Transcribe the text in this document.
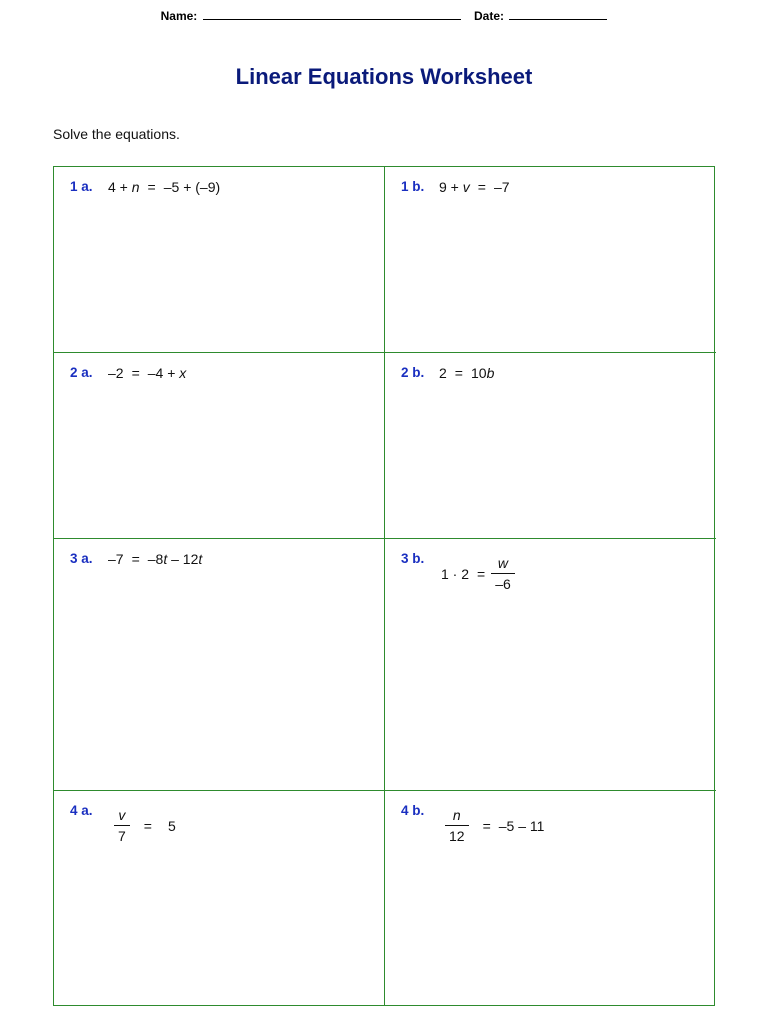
Name:	Date:
Linear Equations Worksheet
Solve the equations.
1 a. 4 + n = –5 + (–9)	1 b. 9 + v = –7
2 a. –2 = –4 + x	2 b. 2 = 10b
3 a. –7 = –8t – 12t	3 b.
$1 \cdot 2 = \frac{w}{-6}$
4 a. $\frac{v}{7} = 5$
4 b. $\frac{n}{12} = -5 - 11$
